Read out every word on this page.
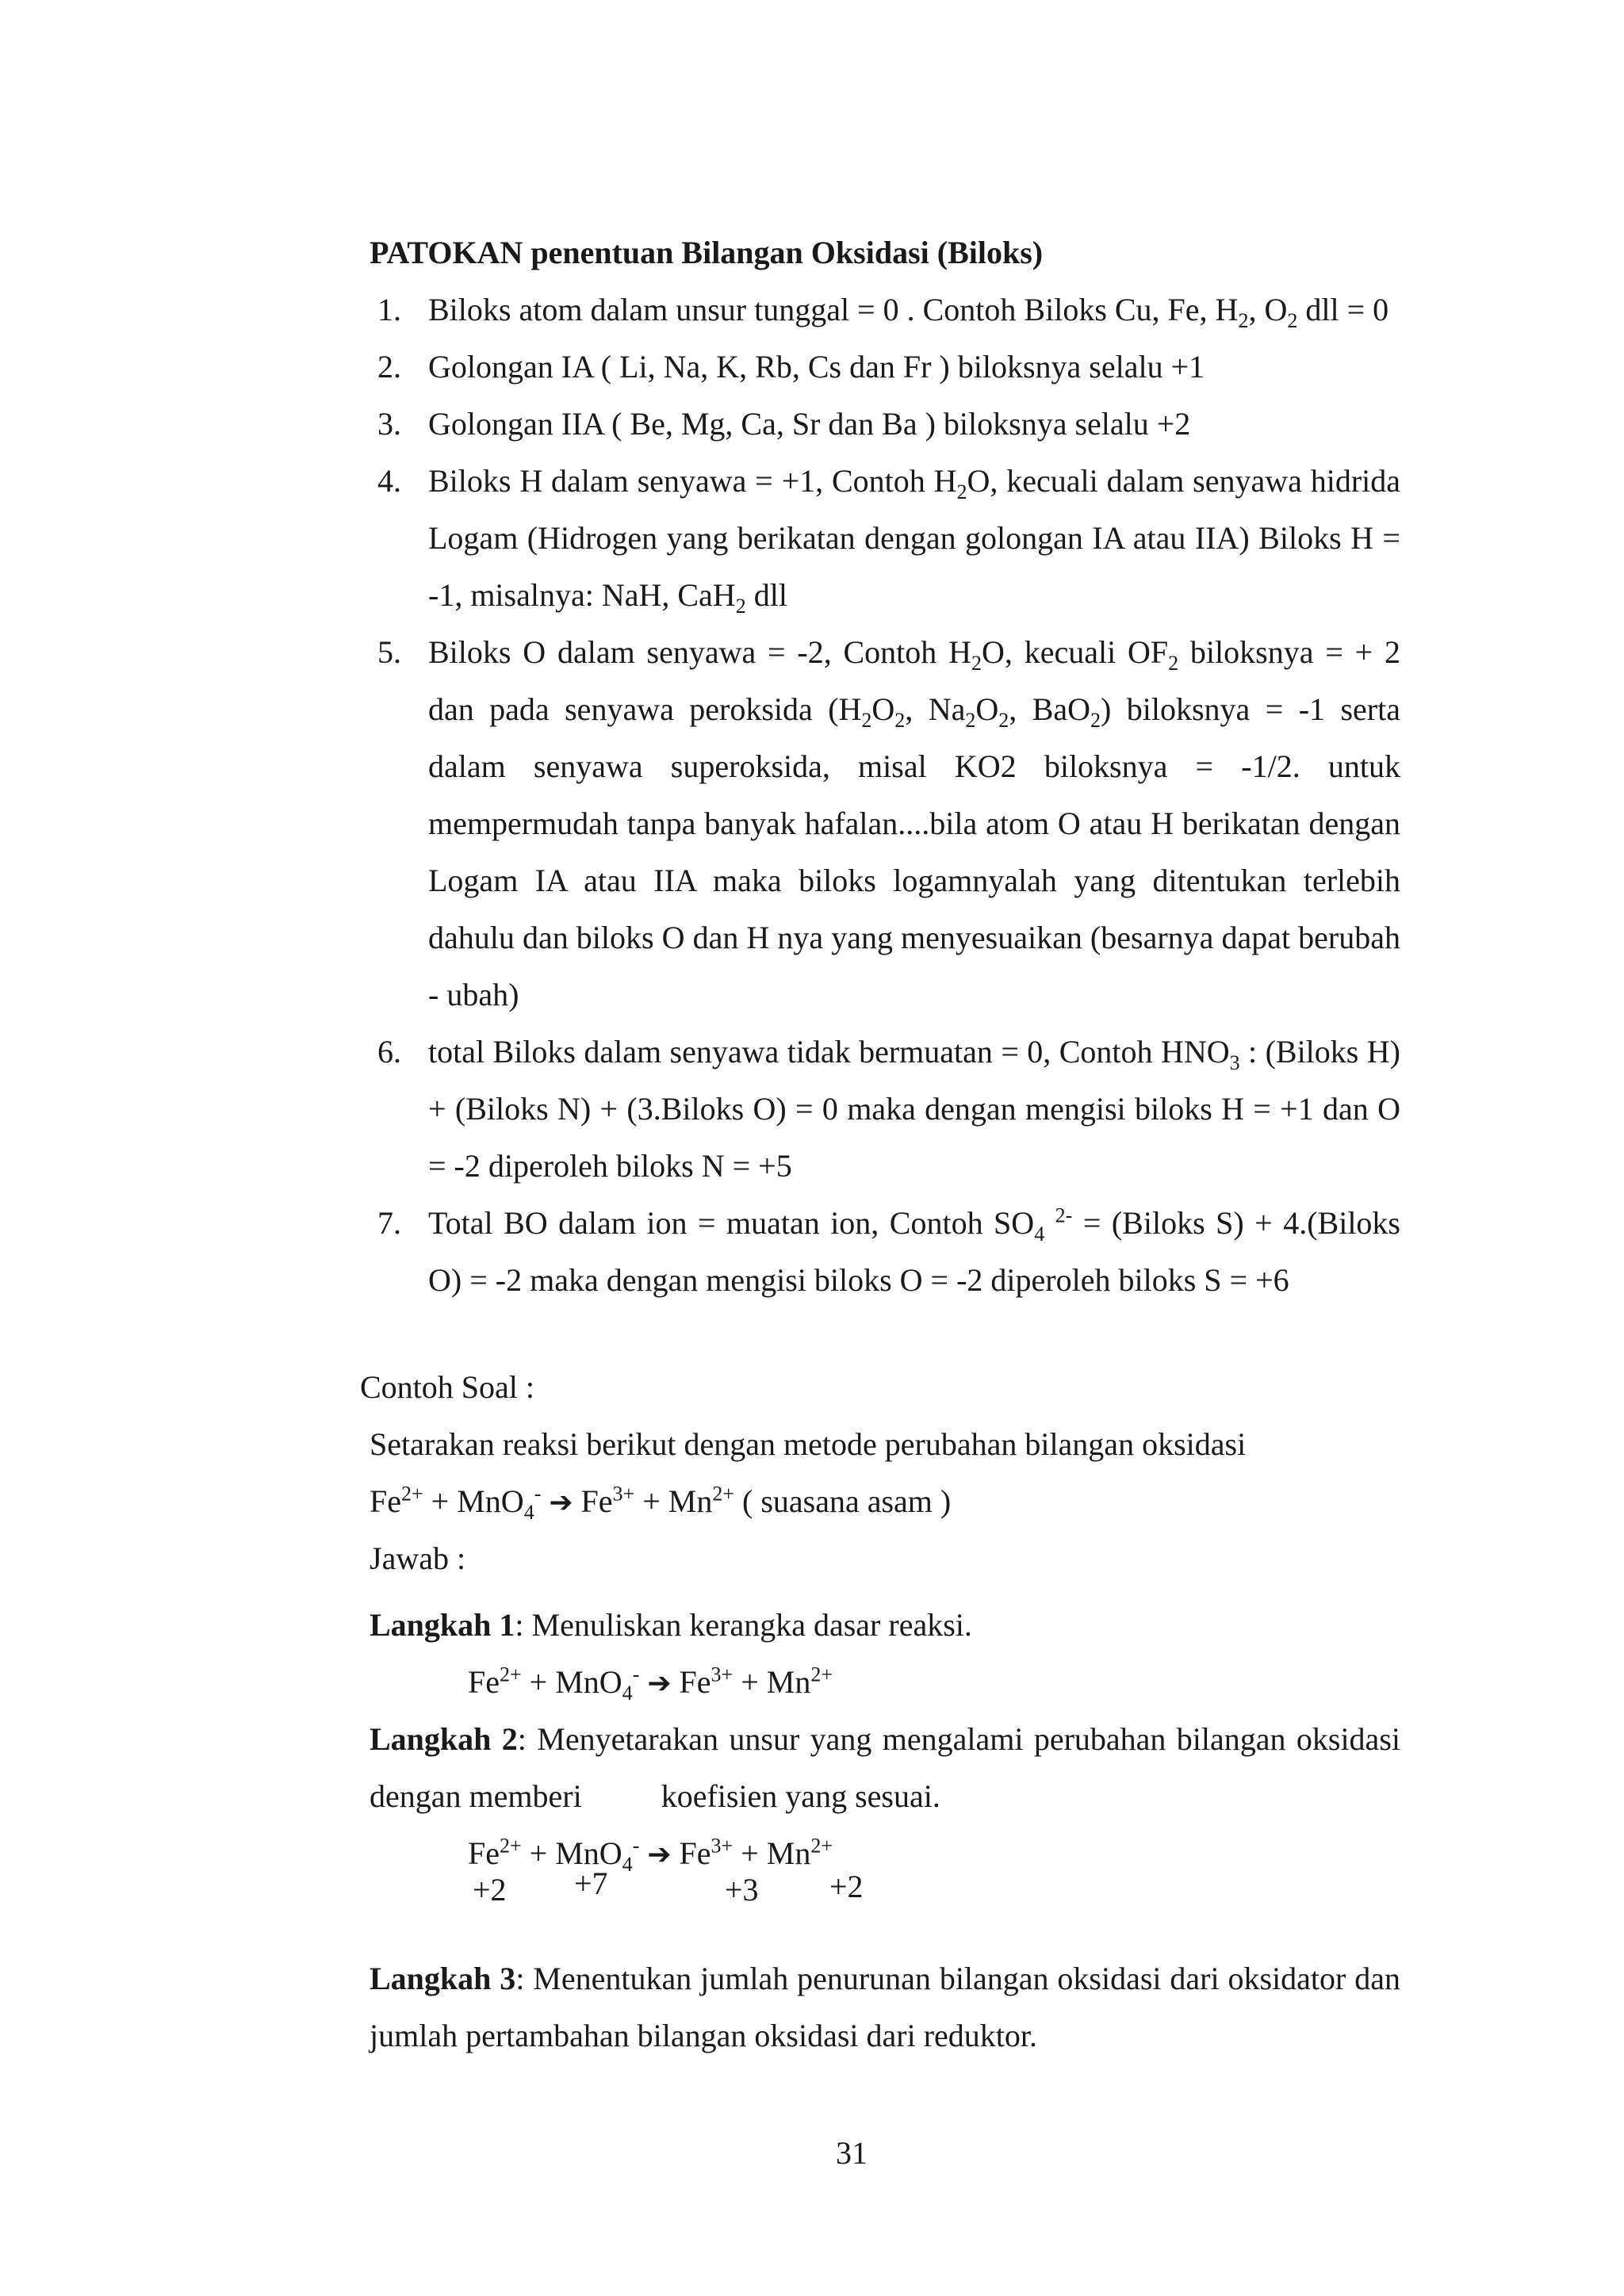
PATOKAN penentuan Bilangan Oksidasi (Biloks)
1. Biloks atom dalam unsur tunggal = 0 . Contoh Biloks Cu, Fe, $H_2$, $O_2$ dll = 0
2. Golongan IA ( Li, Na, K, Rb, Cs dan Fr ) biloksnya selalu +1
3. Golongan IIA ( Be, Mg, Ca, Sr dan Ba ) biloksnya selalu +2
4. Biloks H dalam senyawa = +1, Contoh $H_2O$, kecuali dalam senyawa hidrida Logam (Hidrogen yang berikatan dengan golongan IA atau IIA) Biloks H = -1, misalnya: NaH, CaH$_2$ dll
5. Biloks O dalam senyawa = -2, Contoh $H_2O$, kecuali $OF_2$ biloksnya = + 2 dan pada senyawa peroksida ($H_2O_2$, $Na_2O_2$, BaO$_2$) biloksnya = -1 serta dalam senyawa superoksida, misal KO2 biloksnya = -1/2. untuk mempermudah tanpa banyak hafalan....bila atom O atau H berikatan dengan Logam IA atau IIA maka biloks logamnyalah yang ditentukan terlebih dahulu dan biloks O dan H nya yang menyesuaikan (besarnya dapat berubah - ubah)
6. total Biloks dalam senyawa tidak bermuatan = 0, Contoh $HNO_3$ : (Biloks H) + (Biloks N) + (3.Biloks O) = 0 maka dengan mengisi biloks H = +1 dan O = -2 diperoleh biloks N = +5
7. Total BO dalam ion = muatan ion, Contoh $SO_4$ $^{2-}$ = (Biloks S) + 4.(Biloks O) = -2 maka dengan mengisi biloks O = -2 diperoleh biloks S = +6
Contoh Soal :
Setarakan reaksi berikut dengan metode perubahan bilangan oksidasi
$Fe^{2+} + MnO_4^-$ ➔ $Fe^{3+} + Mn^{2+}$ ( suasana asam )
Jawab :
Langkah 1: Menuliskan kerangka dasar reaksi.
$Fe^{2+} + MnO_4^-$ ➔ $Fe^{3+} + Mn^{2+}$
Langkah 2: Menyetarakan unsur yang mengalami perubahan bilangan oksidasi dengan memberi	koefisien yang sesuai.
$Fe^{2+} + MnO_4^-$ ➔ $Fe^{3+} + Mn^{2+}$
+2 +7	+3 +2
Langkah 3: Menentukan jumlah penurunan bilangan oksidasi dari oksidator dan jumlah pertambahan bilangan oksidasi dari reduktor.
31
